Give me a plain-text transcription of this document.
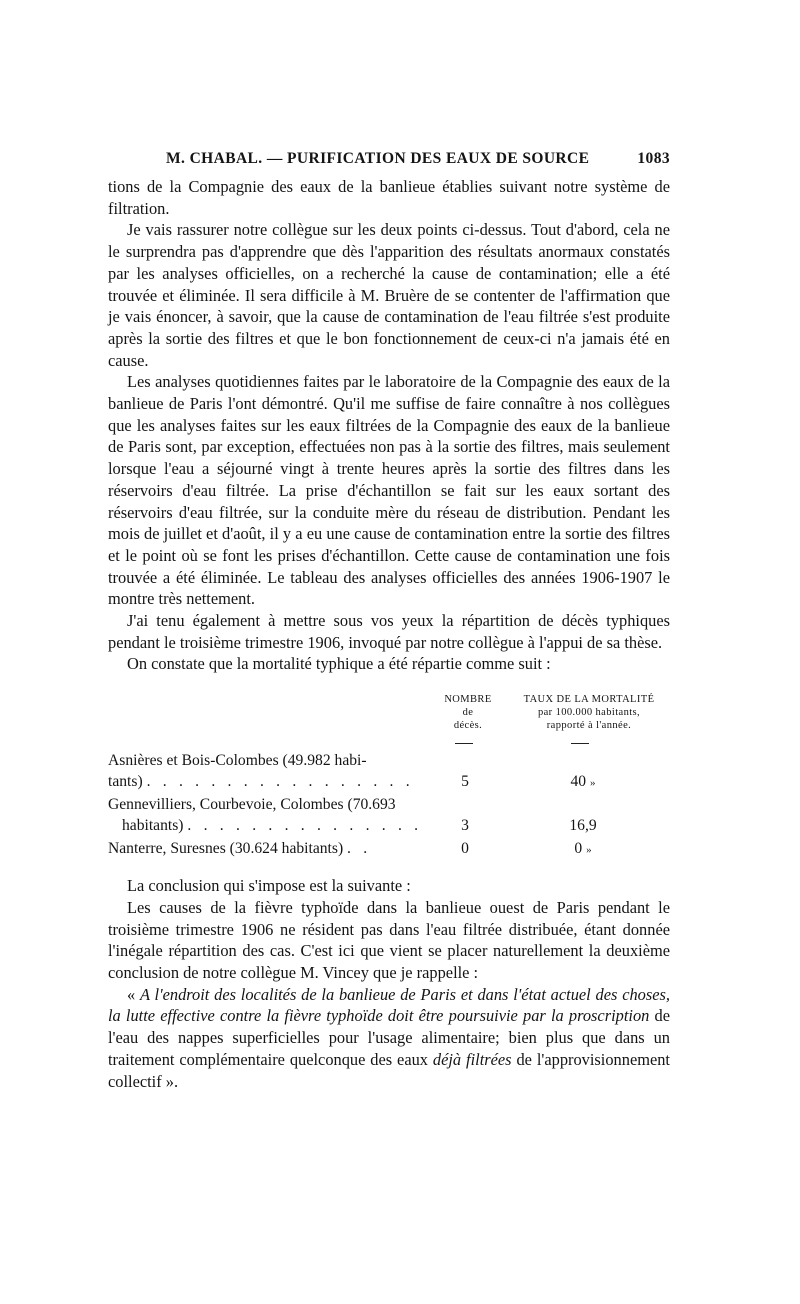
M. CHABAL. — PURIFICATION DES EAUX DE SOURCE	1083

tions de la Compagnie des eaux de la banlieue établies suivant notre système de filtration.

Je vais rassurer notre collègue sur les deux points ci-dessus. Tout d'abord, cela ne le surprendra pas d'apprendre que dès l'apparition des résultats anormaux constatés par les analyses officielles, on a recherché la cause de contamination; elle a été trouvée et éliminée. Il sera difficile à M. Bruère de se contenter de l'affirmation que je vais énoncer, à savoir, que la cause de contamination de l'eau filtrée s'est produite après la sortie des filtres et que le bon fonctionnement de ceux-ci n'a jamais été en cause.

Les analyses quotidiennes faites par le laboratoire de la Compagnie des eaux de la banlieue de Paris l'ont démontré. Qu'il me suffise de faire connaître à nos collègues que les analyses faites sur les eaux filtrées de la Compagnie des eaux de la banlieue de Paris sont, par exception, effectuées non pas à la sortie des filtres, mais seulement lorsque l'eau a séjourné vingt à trente heures après la sortie des filtres dans les réservoirs d'eau filtrée. La prise d'échantillon se fait sur les eaux sortant des réservoirs d'eau filtrée, sur la conduite mère du réseau de distribution. Pendant les mois de juillet et d'août, il y a eu une cause de contamination entre la sortie des filtres et le point où se font les prises d'échantillon. Cette cause de contamination une fois trouvée a été éliminée. Le tableau des analyses officielles des années 1906-1907 le montre très nettement.

J'ai tenu également à mettre sous vos yeux la répartition de décès typhiques pendant le troisième trimestre 1906, invoqué par notre collègue à l'appui de sa thèse.

On constate que la mortalité typhique a été répartie comme suit :

NOMBRE
de
décès.
TAUX DE LA MORTALITÉ
par 100.000 habitants,
rapporté à l'année.
Asnières et Bois-Colombes (49.982 habi-
tants) . . . . . . . . . . . . . . . . .	5	40 »
Gennevilliers, Courbevoie, Colombes (70.693
habitants) . . . . . . . . . . . . . . .	3	16,9
Nanterre, Suresnes (30.624 habitants) . .	0	0 »

La conclusion qui s'impose est la suivante :

Les causes de la fièvre typhoïde dans la banlieue ouest de Paris pendant le troisième trimestre 1906 ne résident pas dans l'eau filtrée distribuée, étant donnée l'inégale répartition des cas. C'est ici que vient se placer naturellement la deuxième conclusion de notre collègue M. Vincey que je rappelle :

« A l'endroit des localités de la banlieue de Paris et dans l'état actuel des choses, la lutte effective contre la fièvre typhoïde doit être poursuivie par la proscription de l'eau des nappes superficielles pour l'usage alimentaire; bien plus que dans un traitement complémentaire quelconque des eaux déjà filtrées de l'approvisionnement collectif ».
